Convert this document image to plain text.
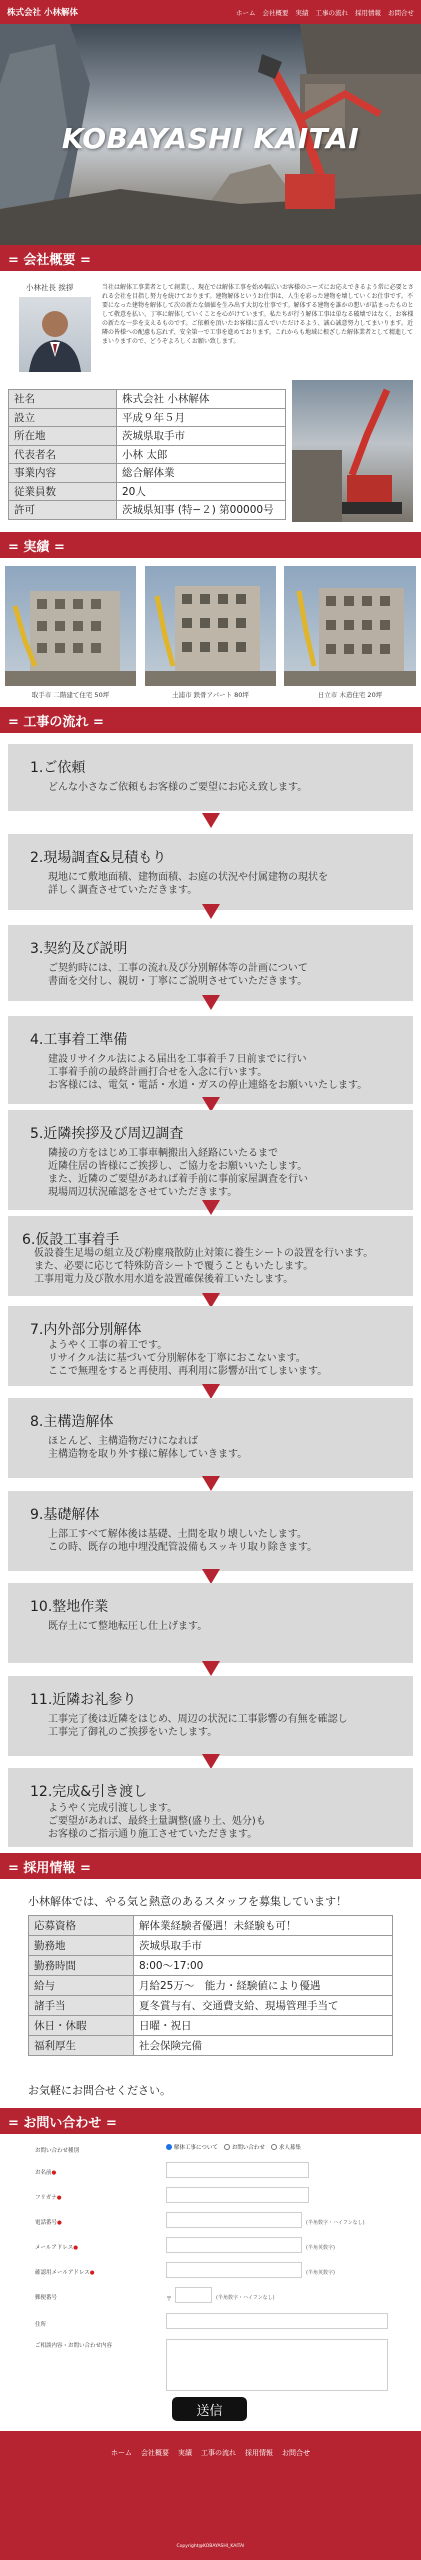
株式会社 小林解体	ホーム 会社概要 実績 工事の流れ 採用情報 お問合せ
KOBAYASHI KAITAI
= 会社概要 =
小林社長 挨拶	当社は解体工事業者として創業し、現在では解体工事を始め幅広いお客様のニーズにお応えできるよう常に必要とされる会社を目指し努力を続けております。建物解体というお仕事は、人生を彩った建物を壊していくお仕事です。不要になった建物を解体して次の新たな価値を生み出す大切な仕事です。解体する建物を誰かの想いが詰まったものとして敬意を払い、丁寧に解体していくことを心がけています。私たちが行う解体工事は単なる破壊ではなく、お客様の新たな一歩を支えるものです。ご依頼を頂いたお客様に喜んでいただけるよう、誠心誠意努力してまいります。近隣の皆様への配慮も忘れず、安全第一で工事を進めております。これからも地域に根ざした解体業者として精進してまいりますので、どうぞよろしくお願い致します。
社名	株式会社 小林解体
設立	平成９年５月
所在地	茨城県取手市
代表者名	小林 太郎
事業内容	総合解体業
従業員数	20人
許可	茨城県知事 (特−２) 第00000号
= 実績 =
取手市 二階建て住宅 50坪	土浦市 鉄骨アパート 80坪	日立市 木造住宅 20坪
= 工事の流れ =
1.ご依頼
どんな小さなご依頼もお客様のご要望にお応え致します。
2.現場調査&見積もり
現地にて敷地面積、建物面積、お庭の状況や付属建物の現状を
詳しく調査させていただきます。
3.契約及び説明
ご契約時には、工事の流れ及び分別解体等の計画について
書面を交付し、親切・丁寧にご説明させていただきます。
4.工事着工準備
建設リサイクル法による届出を工事着手７日前までに行い
工事着手前の最終計画打合せを入念に行います。
お客様には、電気・電話・水道・ガスの停止連絡をお願いいたします。
5.近隣挨拶及び周辺調査
隣接の方をはじめ工事車輌搬出入経路にいたるまで
近隣住居の皆様にご挨拶し、ご協力をお願いいたします。
また、近隣のご要望があれば着手前に事前家屋調査を行い
現場周辺状況確認をさせていただきます。
6.仮設工事着手
仮設養生足場の組立及び粉塵飛散防止対策に養生シートの設置を行います。
また、必要に応じて特殊防音シートで覆うこともいたします。
工事用電力及び散水用水道を設置確保後着工いたします。
7.内外部分別解体
ようやく工事の着工です。
リサイクル法に基づいて分別解体を丁寧におこないます。
ここで無理をすると再使用、再利用に影響が出てしまいます。
8.主構造解体
ほとんど、主構造物だけになれば
主構造物を取り外す様に解体していきます。
9.基礎解体
上部工すべて解体後は基礎、土間を取り壊しいたします。
この時、既存の地中埋没配管設備もスッキリ取り除きます。
10.整地作業
既存土にて整地転圧し仕上げます。
11.近隣お礼参り
工事完了後は近隣をはじめ、周辺の状況に工事影響の有無を確認し
工事完了御礼のご挨拶をいたします。
12.完成&引き渡し
ようやく完成引渡しします。
ご要望があれば、最終土量調整(盛り土、処分)も
お客様のご指示通り施工させていただきます。
= 採用情報 =
小林解体では、やる気と熱意のあるスタッフを募集しています！
応募資格	解体業経験者優遇！未経験も可！
勤務地	茨城県取手市
勤務時間	8:00〜17:00
給与	月給25万〜　能力・経験値により優遇
諸手当	夏冬賞与有、交通費支給、現場管理手当て
休日・休暇	日曜・祝日
福利厚生	社会保険完備
お気軽にお問合せください。
= お問い合わせ =
お問い合わせ種別	解体工事について	お問い合わせ	求人募集
お名前●
フリガナ●
電話番号●	(半角数字・ハイフンなし)
メールアドレス●	(半角英数字)
確認用メールアドレス●	(半角英数字)
郵便番号	〒	(半角数字・ハイフンなし)
住所
ご相談内容・お問い合わせ内容
送信
ホーム 会社概要 実績 工事の流れ 採用情報 お問合せ
Copyright@KOBAYASHI_KAITAI
